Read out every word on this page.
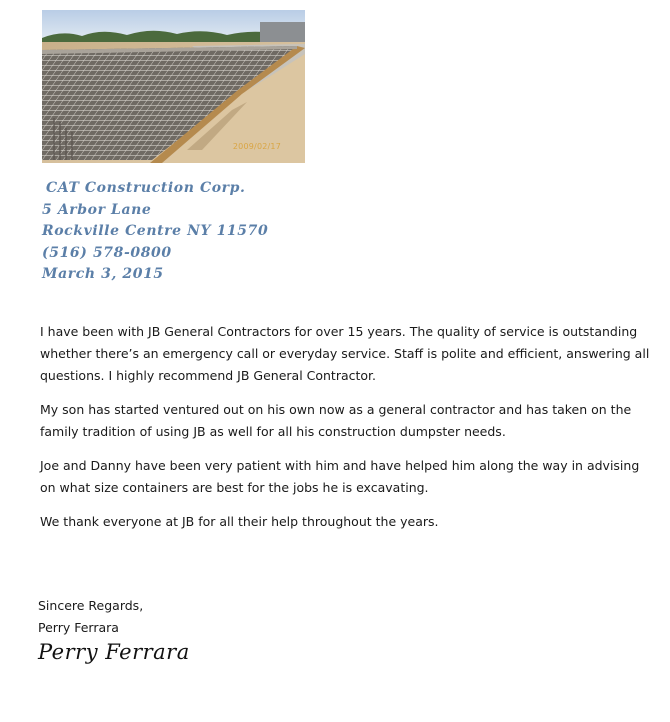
2009/02/17
CAT Construction Corp.
5 Arbor Lane
Rockville Centre NY 11570
(516) 578-0800
March 3, 2015

I have been with JB General Contractors for over 15 years. The quality of service is outstanding whether there’s an emergency call or everyday service. Staff is polite and efficient, answering all questions. I highly recommend JB General Contractor.

My son has started ventured out on his own now as a general contractor and has taken on the family tradition of using JB as well for all his construction dumpster needs.

Joe and Danny have been very patient with him and have helped him along the way in advising on what size containers are best for the jobs he is excavating.

We thank everyone at JB for all their help throughout the years.

Sincere Regards,
Perry Ferrara
Perry Ferrara
